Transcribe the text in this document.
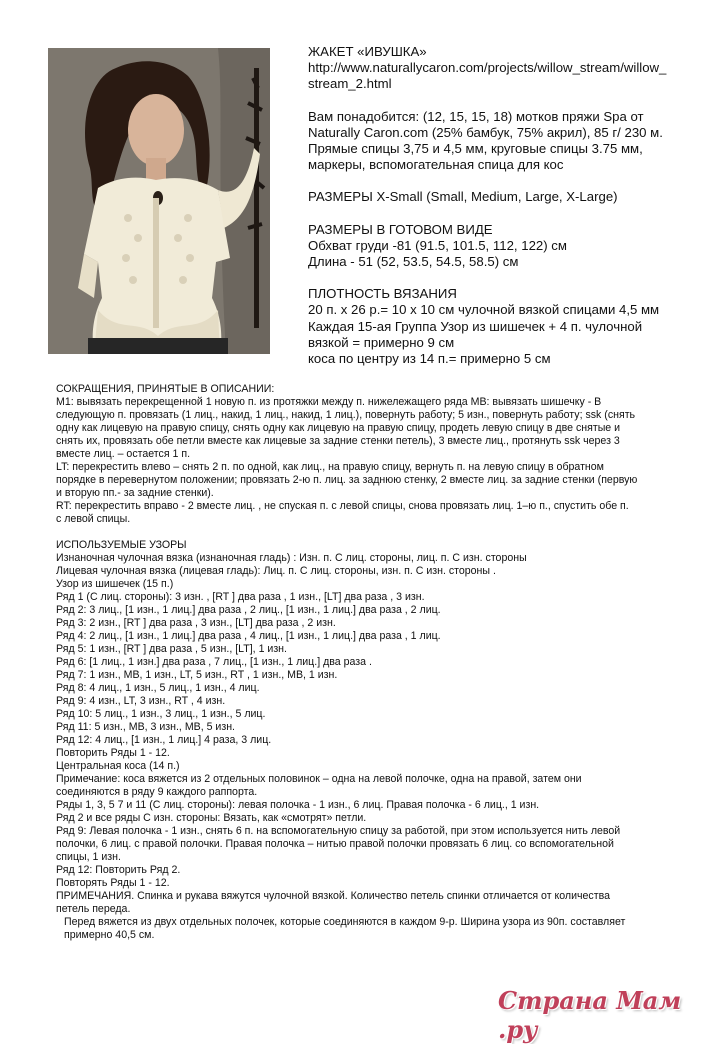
ЖАКЕТ «ИВУШКА»

http://www.naturallycaron.com/projects/willow_stream/willow_

stream_2.html

Вам понадобится: (12, 15, 15, 18) мотков пряжи Spa от

Naturally Caron.com (25% бамбук, 75% акрил), 85 г/ 230 м.

Прямые спицы 3,75 и 4,5 мм, круговые спицы 3.75 мм,

маркеры, вспомогательная спица для кос

РАЗМЕРЫ X-Small (Small, Medium, Large, X-Large)

РАЗМЕРЫ В ГОТОВОМ ВИДЕ

Обхват груди -81 (91.5, 101.5, 112, 122) см

Длина - 51 (52, 53.5, 54.5, 58.5) см

ПЛОТНОСТЬ ВЯЗАНИЯ

20 п. х 26 р.= 10 х 10 см чулочной вязкой спицами 4,5 мм

Каждая 15-ая Группа Узор из шишечек + 4 п. чулочной

вязкой = примерно 9 см

коса по центру из 14 п.= примерно 5 см

СОКРАЩЕНИЯ, ПРИНЯТЫЕ В ОПИСАНИИ:

M1: вывязать перекрещенной 1 новую п. из протяжки между п. нижележащего ряда MB: вывязать шишечку - В

следующую п. провязать (1 лиц., накид, 1 лиц., накид, 1 лиц.), повернуть работу; 5 изн., повернуть работу; ssk (снять

одну как лицевую на правую спицу, снять одну как лицевую на правую спицу, продеть левую спицу в две снятые и

снять их, провязать обе петли вместе как лицевые за задние стенки петель), 3 вместе лиц., протянуть ssk через 3

вместе лиц. – остается 1 п.

LT: перекрестить влево – снять 2 п. по одной, как лиц., на правую спицу, вернуть п. на левую спицу в обратном

порядке в перевернутом положении; провязать 2-ю п. лиц. за заднюю стенку, 2 вместе лиц. за задние стенки (первую

и вторую пп.- за задние стенки).

RT: перекрестить вправо - 2 вместе лиц. , не спуская п. с левой спицы, снова провязать лиц. 1–ю п., спустить обе п.

с левой спицы.

ИСПОЛЬЗУЕМЫЕ УЗОРЫ

Изнаночная чулочная вязка (изнаночная гладь) : Изн. п. С лиц. стороны, лиц. п. С изн. стороны

Лицевая чулочная вязка (лицевая гладь): Лиц. п. С лиц. стороны, изн. п. С изн. стороны .

Узор из шишечек (15 п.)

Ряд 1 (С лиц. стороны): 3 изн. , [RT ] два раза , 1 изн., [LT] два раза , 3 изн.

Ряд 2: 3 лиц., [1 изн., 1 лиц.] два раза , 2 лиц., [1 изн., 1 лиц.] два раза , 2 лиц.

Ряд 3: 2 изн., [RT ] два раза , 3 изн., [LT] два раза , 2 изн.

Ряд 4: 2 лиц., [1 изн., 1 лиц.] два раза , 4 лиц., [1 изн., 1 лиц.] два раза , 1 лиц.

Ряд 5: 1 изн., [RT ] два раза , 5 изн., [LT], 1 изн.

Ряд 6: [1 лиц., 1 изн.] два раза , 7 лиц., [1 изн., 1 лиц.] два раза .

Ряд 7: 1 изн., MB, 1 изн., LT, 5 изн., RT , 1 изн., MB, 1 изн.

Ряд 8: 4 лиц., 1 изн., 5 лиц., 1 изн., 4 лиц.

Ряд 9: 4 изн., LT, 3 изн., RT , 4 изн.

Ряд 10: 5 лиц., 1 изн., 3 лиц., 1 изн., 5 лиц.

Ряд 11: 5 изн., MB, 3 изн., MB, 5 изн.

Ряд 12: 4 лиц., [1 изн., 1 лиц.] 4 раза, 3 лиц.

Повторить Ряды 1 - 12.

Центральная коса (14 п.)

Примечание: коса вяжется из 2 отдельных половинок – одна на левой полочке, одна на правой, затем они

соединяются в ряду 9 каждого раппорта.

Ряды 1, 3, 5 7 и 11 (С лиц. стороны): левая полочка - 1 изн., 6 лиц. Правая полочка - 6 лиц., 1 изн.

Ряд 2 и все ряды С изн. стороны: Вязать, как «смотрят» петли.

Ряд 9: Левая полочка - 1 изн., снять 6 п. на вспомогательную спицу за работой, при этом используется нить левой

полочки, 6 лиц. с правой полочки. Правая полочка – нитью правой полочки провязать 6 лиц. со вспомогательной

спицы, 1 изн.

Ряд 12: Повторить Ряд 2.

Повторять Ряды 1 - 12.

ПРИМЕЧАНИЯ. Спинка и рукава вяжутся чулочной вязкой. Количество петель спинки отличается от количества

петель переда.

Перед вяжется из двух отдельных полочек, которые соединяются в каждом 9-р. Ширина узора из 90п. составляет

примерно 40,5 см.

Страна Мам .ру
